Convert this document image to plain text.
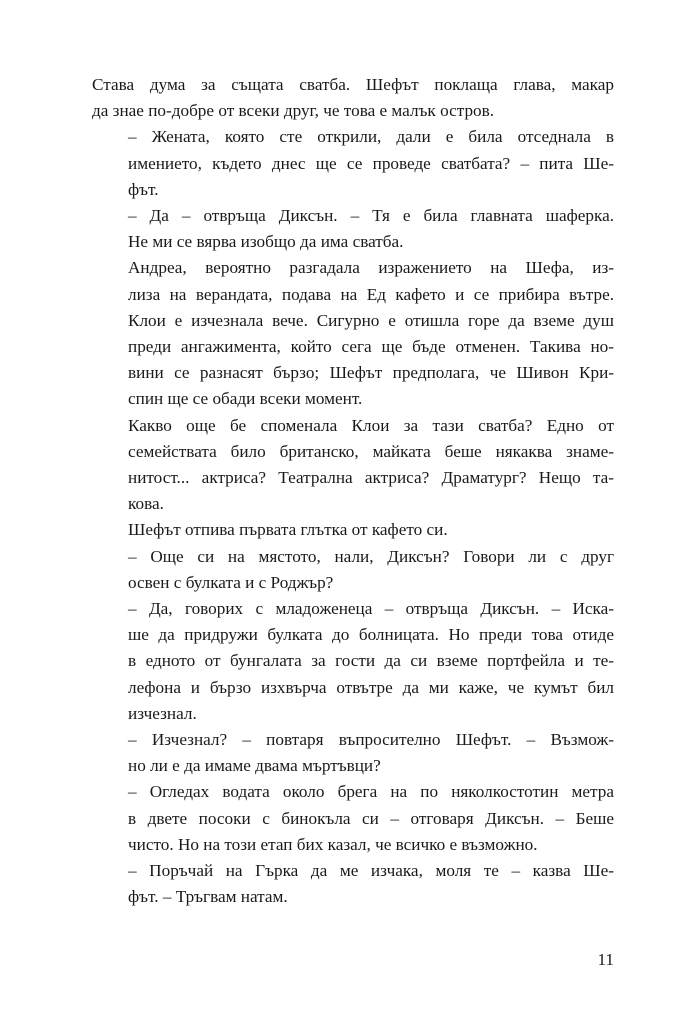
Става дума за същата сватба. Шефът поклаща глава, макар
да знае по-добре от всеки друг, че това е малък остров.

– Жената, която сте открили, дали е била отседнала в
имението, където днес ще се проведе сватбата? – пита Ше-
фът.

– Да – отвръща Диксън. – Тя е била главната шаферка.
Не ми се вярва изобщо да има сватба.

Андреа, вероятно разгадала изражението на Шефа, из-
лиза на верандата, подава на Ед кафето и се прибира вътре.
Клои е изчезнала вече. Сигурно е отишла горе да вземе душ
преди ангажимента, който сега ще бъде отменен. Такива но-
вини се разнасят бързо; Шефът предполага, че Шивон Кри-
спин ще се обади всеки момент.

Какво още бе споменала Клои за тази сватба? Едно от
семействата било британско, майката беше някаква знаме-
нитост... актриса? Театрална актриса? Драматург? Нещо та-
кова.

Шефът отпива първата глътка от кафето си.

– Още си на мястото, нали, Диксън? Говори ли с друг
освен с булката и с Роджър?

– Да, говорих с младоженеца – отвръща Диксън. – Иска-
ше да придружи булката до болницата. Но преди това отиде
в едното от бунгалата за гости да си вземе портфейла и те-
лефона и бързо изхвърча отвътре да ми каже, че кумът бил
изчезнал.

– Изчезнал? – повтаря въпросително Шефът. – Възмож-
но ли е да имаме двама мъртъвци?

– Огледах водата около брега на по няколкостотин метра
в двете посоки с бинокъла си – отговаря Диксън. – Беше
чисто. Но на този етап бих казал, че всичко е възможно.

– Поръчай на Гърка да ме изчака, моля те – казва Ше-
фът. – Тръгвам натам.

11
